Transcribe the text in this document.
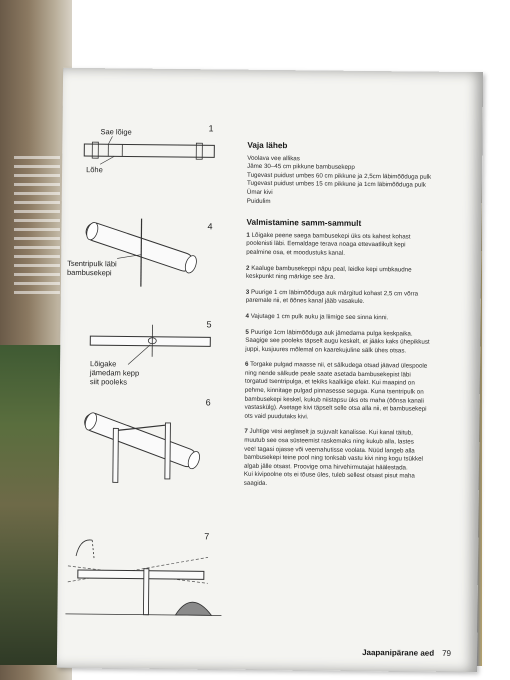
Sae lõige
Lõhe
1
Tsentripulk läbi
bambusekepi
4
Lõigake
jämedam kepp
siit pooleks
5
6
7
Vaja läheb
Voolava vee allikas
Jäme 30–45 cm pikkune bambusekepp
Tugevast puidust umbes 60 cm pikkune ja 2,5cm läbimõõduga pulk
Tugevast puidust umbes 15 cm pikkune ja 1cm läbimõõduga pulk
Ümar kivi
Puidulim
Valmistamine samm-sammult
1 Lõigake peene saega bambusekepi üks ots kahest kohast
poolenisti läbi. Eemaldage terava noaga ettevaatlikult kepi
pealmine osa, et moodustuks kanal.
2 Kaaluge bambusekeppi näpu peal, leidke kepi umbkaudne
keskpunkt ning märkige see ära.
3 Puurige 1 cm läbimõõduga auk märgitud kohast 2,5 cm võrra
paremale nii, et õõnes kanal jääb vasakule.
4 Vajutage 1 cm pulk auku ja liimige see sinna kinni.
5 Puurige 1cm läbimõõduga auk jämedama pulga keskpaika.
Saagige see pooleks täpselt augu keskelt, et jääks kaks ühepikkust
juppi, kusjuures mõlemal on kaarekujuline sälk ühes otsas.
6 Torgake pulgad maasse nii, et sälkudega otsad jäävad ülespoole
ning nende sälkude peale saate asetada bambusekepist läbi
torgatud tsentripulga, et tekiks kaalkiige efekt. Kui maapind on
pehme, kinnitage pulgad pinnasesse seguga. Kuna tsentripulk on
bambusekepi keskel, kukub niistapsu üks ots maha (õõnsa kanali
vastaskülg). Asetage kivi täpselt selle otsa alla nii, et bambusekepi
ots vaid puudutaks kivi.
7 Juhtige vesi aeglaselt ja sujuvalt kanalisse. Kui kanal täitub,
muutub see osa süsteemist raskemaks ning kukub alla, lastes
vee! tagasi ojasse või veemahutisse voolata. Nüüd langeb alla
bambusekepi teine pool ning tonksab vastu kivi ning kogu tsükkel
algab jälle otsast. Proovige oma hirvehirmutajat häälestada.
Kui kivipoolne ots ei tõuse üles, tuleb sellest otsast pisut maha
saagida.
Jaapanipärane aed 79
